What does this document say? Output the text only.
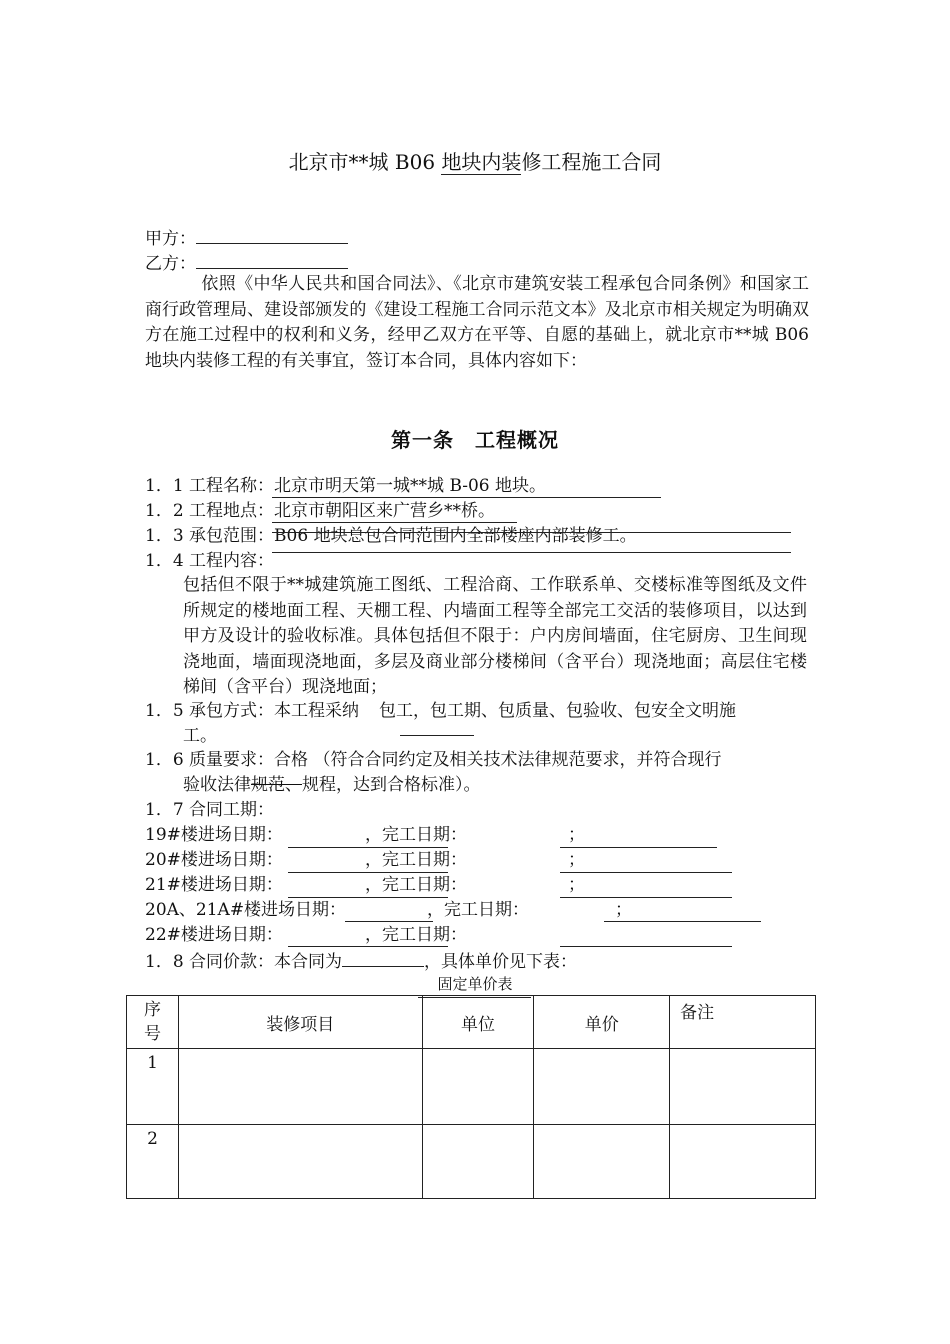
北京市**城 B06 地块内装修工程施工合同
甲方：
乙方：
依照《中华人民共和国合同法》、《北京市建筑安装工程承包合同条例》和国家工商行政管理局、建设部颁发的《建设工程施工合同示范文本》及北京市相关规定为明确双方在施工过程中的权利和义务，经甲乙双方在平等、自愿的基础上，就北京市**城 B06 地块内装修工程的有关事宜，签订本合同，具体内容如下：
第一条　工程概况
1．1 工程名称：北京市明天第一城**城 B-06 地块。
1．2 工程地点：北京市朝阳区来广营乡**桥。
1．3 承包范围：B06 地块总包合同范围内全部楼座内部装修工。
1．4 工程内容：
包括但不限于**城建筑施工图纸、工程洽商、工作联系单、交楼标准等图纸及文件所规定的楼地面工程、天棚工程、内墙面工程等全部完工交活的装修项目，以达到甲方及设计的验收标准。具体包括但不限于：户内房间墙面，住宅厨房、卫生间现浇地面，墙面现浇地面，多层及商业部分楼梯间（含平台）现浇地面；高层住宅楼梯间（含平台）现浇地面；
1．5 承包方式：本工程采纳 包工，包工期、包质量、包验收、包安全文明施
工。
1．6 质量要求：合格 （符合合同约定及相关技术法律规范要求，并符合现行
验收法律规范、规程，达到合格标准）。
1．7 合同工期：
19#楼进场日期：	，完工日期：	；
20#楼进场日期：	，完工日期：	；
21#楼进场日期：	，完工日期：	；
20A、21A#楼进场日期：	，完工日期：	；
22#楼进场日期：	，完工日期：
1．8 合同价款：本合同为	，具体单价见下表：
固定单价表
序号	装修项目	单位	单价	备注
1				
2				
